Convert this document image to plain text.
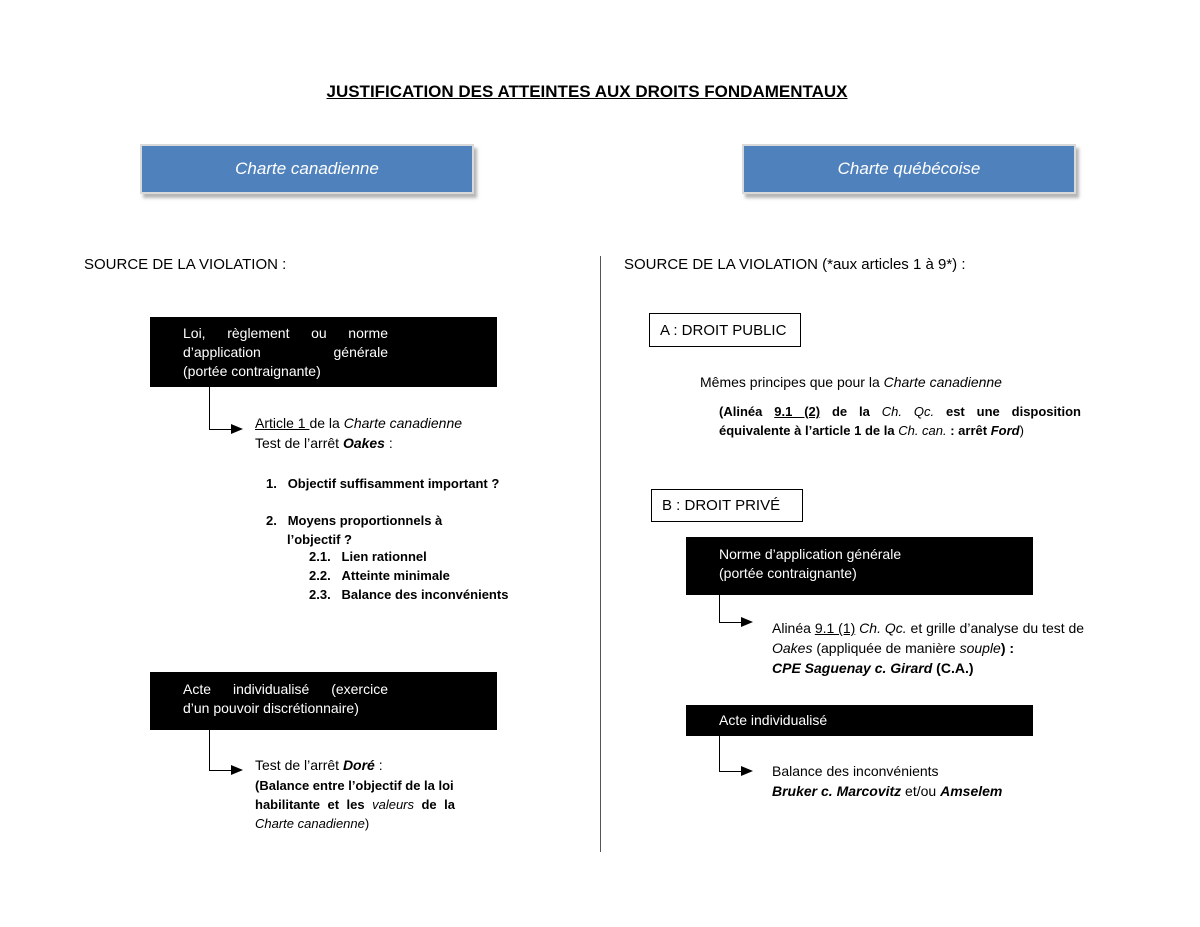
JUSTIFICATION DES ATTEINTES AUX DROITS FONDAMENTAUX
Charte canadienne	Charte québécoise
SOURCE DE LA VIOLATION :	SOURCE DE LA VIOLATION (*aux articles 1 à 9*) :
Loi, règlement ou norme
d’application générale
(portée contraignante)
Article 1 de la Charte canadienne
Test de l’arrêt Oakes :
1. Objectif suffisamment important ?
2. Moyens proportionnels à
l’objectif ?
2.1. Lien rationnel
2.2. Atteinte minimale
2.3. Balance des inconvénients
Acte individualisé (exercice
d’un pouvoir discrétionnaire)
Test de l’arrêt Doré :
(Balance entre l’objectif de la loi
habilitante et les valeurs de la
Charte canadienne)
A : DROIT PUBLIC
Mêmes principes que pour la Charte canadienne
(Alinéa 9.1 (2) de la Ch. Qc. est une disposition
équivalente à l’article 1 de la Ch. can. : arrêt Ford)
B : DROIT PRIVÉ
Norme d’application générale
(portée contraignante)
Alinéa 9.1 (1) Ch. Qc. et grille d’analyse du test de
Oakes (appliquée de manière souple) :
CPE Saguenay c. Girard (C.A.)
Acte individualisé
Balance des inconvénients
Bruker c. Marcovitz et/ou Amselem
